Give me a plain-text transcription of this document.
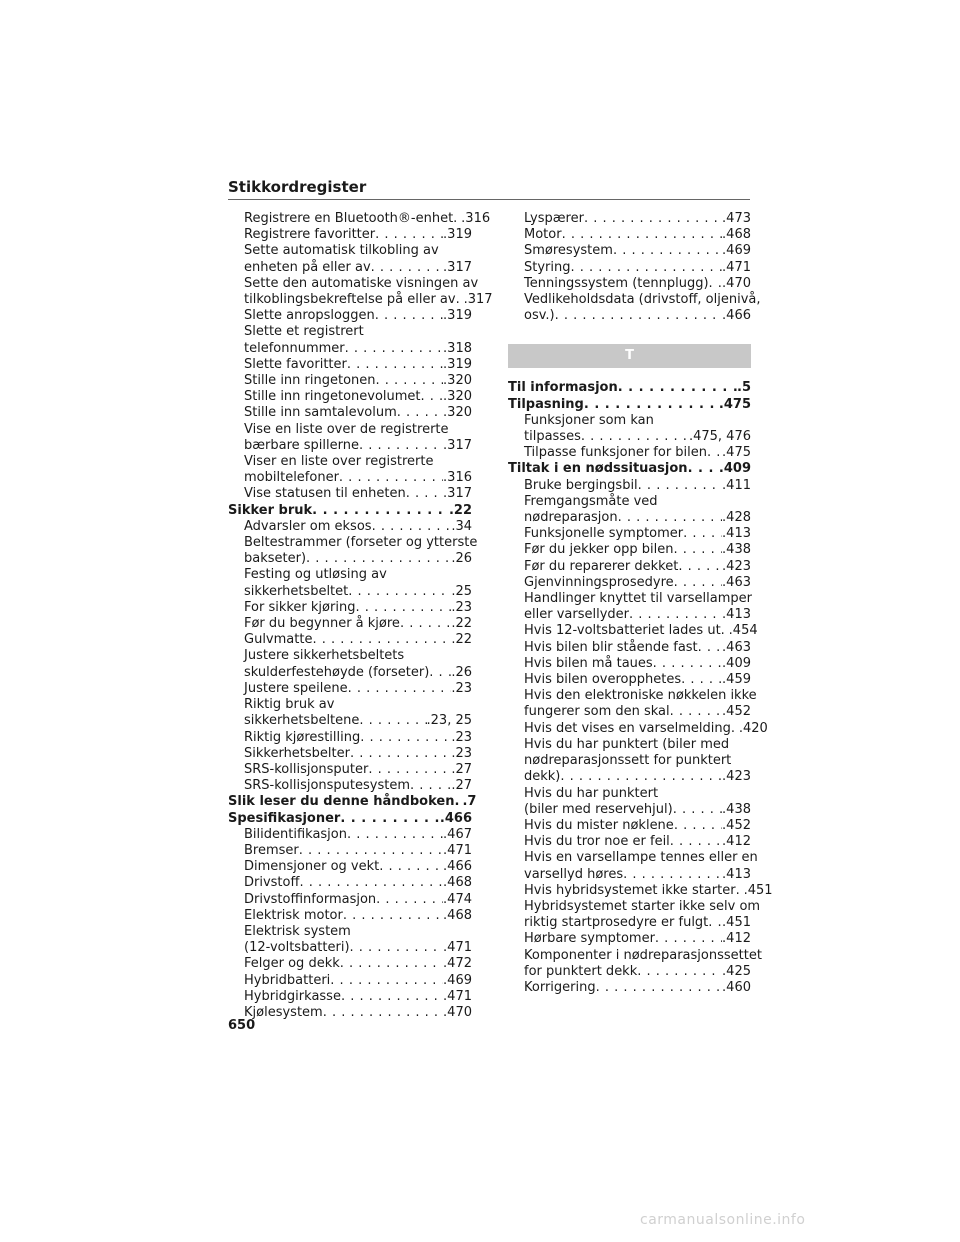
Stikkordregister
Registrere en Bluetooth®-enhet . . . .316
Registrere favoritter . . .	.319
Sette automatisk tilkobling av
enheten på eller av . . .	.317
Sette den automatiske visningen av
tilkoblingsbekreftelse på eller av . . . .317
Slette anropsloggen . . .	.319
Slette et registrert
telefonnummer . . .	.318
Slette favoritter . . .	.319
Stille inn ringetonen . . .	.320
Stille inn ringetonevolumet . . . .320
Stille inn samtalevolum . . .	.320
Vise en liste over de registrerte
bærbare spillerne . . .	.317
Viser en liste over registrerte
mobiltelefoner . . .	.316
Vise statusen til enheten . . .	.317
Sikker bruk . . .	.22
Advarsler om eksos . . .	.34
Beltestrammer (forseter og ytterste
bakseter) . . .	.26
Festing og utløsing av
sikkerhetsbeltet . . .	.25
For sikker kjøring . . .	.23
Før du begynner å kjøre . . .	.22
Gulvmatte . . .	.22
Justere sikkerhetsbeltets
skulderfestehøyde (forseter) . . . .26
Justere speilene . . .	.23
Riktig bruk av
sikkerhetsbeltene . . .	.23, 25
Riktig kjørestilling . . .	.23
Sikkerhetsbelter . . .	.23
SRS-kollisjonsputer . . .	.27
SRS-kollisjonsputesystem . . .	.27
Slik leser du denne håndboken . . . .7
Spesifikasjoner . . .	.466
Bilidentifikasjon . . .	.467
Bremser . . .	.471
Dimensjoner og vekt . . .	.466
Drivstoff . . .	.468
Drivstoffinformasjon . . .	.474
Elektrisk motor . . .	.468
Elektrisk system
(12-voltsbatteri) . . .	.471
Felger og dekk . . .	.472
Hybridbatteri . . .	.469
Hybridgirkasse . . .	.471
Kjølesystem . . .	.470
Lyspærer . . .	.473
Motor . . .	.468
Smøresystem . . .	.469
Styring . . .	.471
Tenningssystem (tennplugg) . . . .470
Vedlikeholdsdata (drivstoff, oljenivå,
osv.) . . .	.466
T
Til informasjon . . .	.5
Tilpasning . . .	.475
Funksjoner som kan
tilpasses . . .	.475, 476
Tilpasse funksjoner for bilen . . . .475
Tiltak i en nødssituasjon . . . .409
Bruke bergingsbil . . .	.411
Fremgangsmåte ved
nødreparasjon . . .	.428
Funksjonelle symptomer . . .	.413
Før du jekker opp bilen . . .	.438
Før du reparerer dekket . . .	.423
Gjenvinningsprosedyre . . .	.463
Handlinger knyttet til varsellamper
eller varsellyder . . .	.413
Hvis 12-voltsbatteriet lades ut . . . .454
Hvis bilen blir stående fast . . . .463
Hvis bilen må taues . . .	.409
Hvis bilen overopphetes . . .	.459
Hvis den elektroniske nøkkelen ikke
fungerer som den skal . . .	.452
Hvis det vises en varselmelding . . . .420
Hvis du har punktert (biler med
nødreparasjonssett for punktert
dekk) . . .	.423
Hvis du har punktert
(biler med reservehjul) . . .	.438
Hvis du mister nøklene . . .	.452
Hvis du tror noe er feil . . .	.412
Hvis en varsellampe tennes eller en
varsellyd høres . . .	.413
Hvis hybridsystemet ikke starter . . . .451
Hybridsystemet starter ikke selv om
riktig startprosedyre er fulgt . . . .451
Hørbare symptomer . . .	.412
Komponenter i nødreparasjonssettet
for punktert dekk . . .	.425
Korrigering . . .	.460
650
carmanualsonline.info
